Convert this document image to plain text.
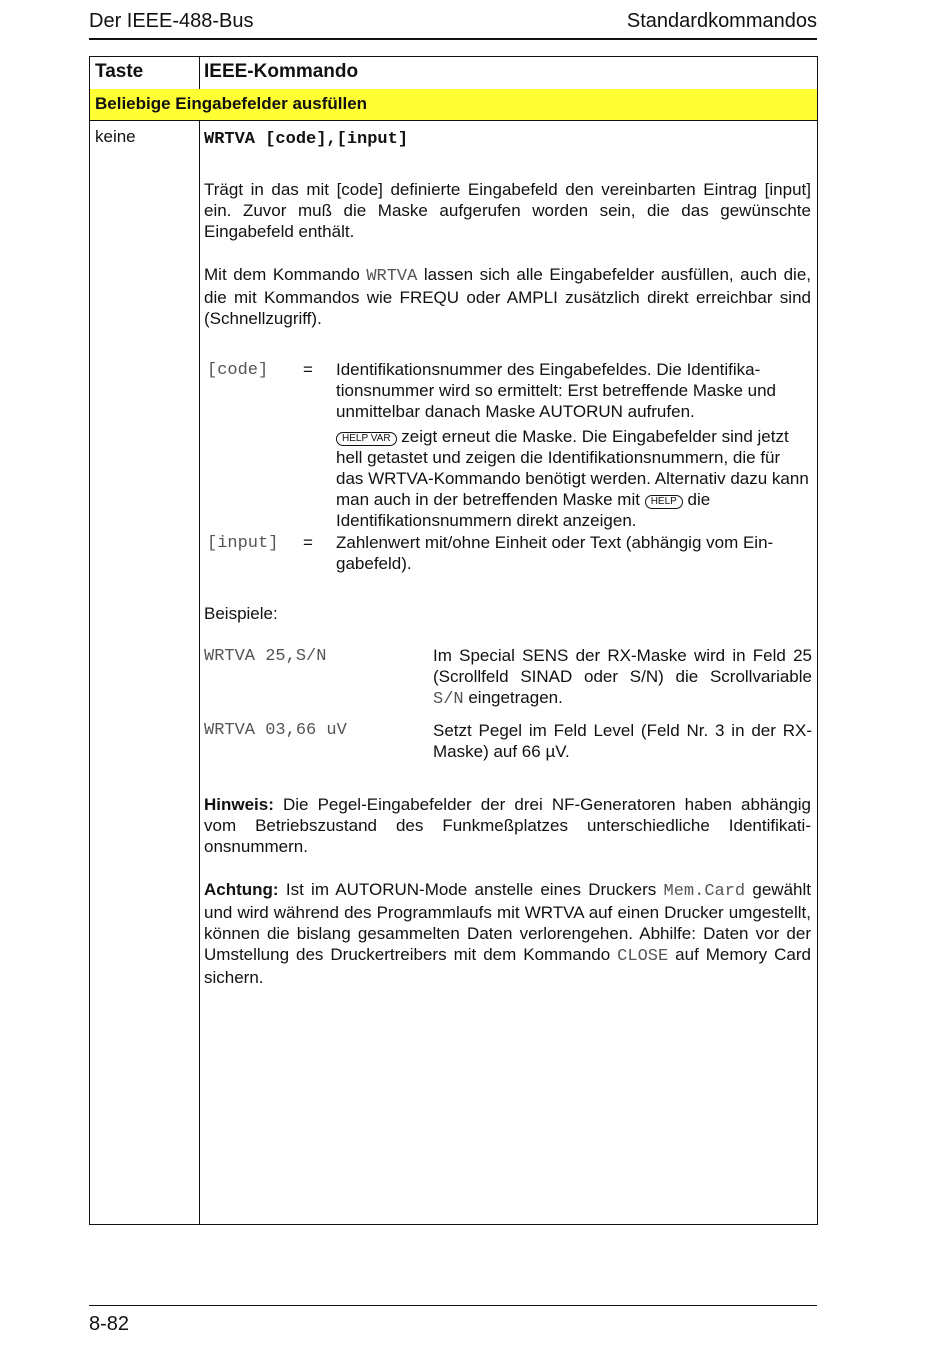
Der IEEE-488-Bus	Standardkommandos
Taste	IEEE-Kommando
Beliebige Eingabefelder ausfüllen
keine	WRTVA [code],[input]
Trägt in das mit [code] definierte Eingabefeld den vereinbarten Eintrag [input] ein. Zuvor muß die Maske aufgerufen worden sein, die das gewünschte Eingabefeld enthält.
Mit dem Kommando WRTVA lassen sich alle Eingabefelder ausfüllen, auch die, die mit Kommandos wie FREQU oder AMPLI zusätzlich direkt erreichbar sind (Schnellzugriff).
[code] = Identifikationsnummer des Eingabefeldes. Die Identifikationsnummer wird so ermittelt: Erst betreffende Maske und unmittelbar danach Maske AUTORUN aufrufen.
HELP VAR zeigt erneut die Maske. Die Eingabefelder sind jetzt hell getastet und zeigen die Identifikationsnummern, die für das WRTVA-Kommando benötigt werden. Alternativ dazu kann man auch in der betreffenden Maske mit HELP die Identifikationsnummern direkt anzeigen.
[input] = Zahlenwert mit/ohne Einheit oder Text (abhängig vom Eingabefeld).
Beispiele:
WRTVA 25,S/N	Im Special SENS der RX-Maske wird in Feld 25 (Scrollfeld SINAD oder S/N) die Scrollvariable S/N eingetragen.
WRTVA 03,66 uV	Setzt Pegel im Feld Level (Feld Nr. 3 in der RX-Maske) auf 66 µV.
Hinweis: Die Pegel-Eingabefelder der drei NF-Generatoren haben abhängig vom Betriebszustand des Funkmeßplatzes unterschiedliche Identifikationsnummern.
Achtung: Ist im AUTORUN-Mode anstelle eines Druckers Mem.Card gewählt und wird während des Programmlaufs mit WRTVA auf einen Drucker umgestellt, können die bislang gesammelten Daten verlorengehen. Abhilfe: Daten vor der Umstellung des Druckertreibers mit dem Kommando CLOSE auf Memory Card sichern.
8-82
